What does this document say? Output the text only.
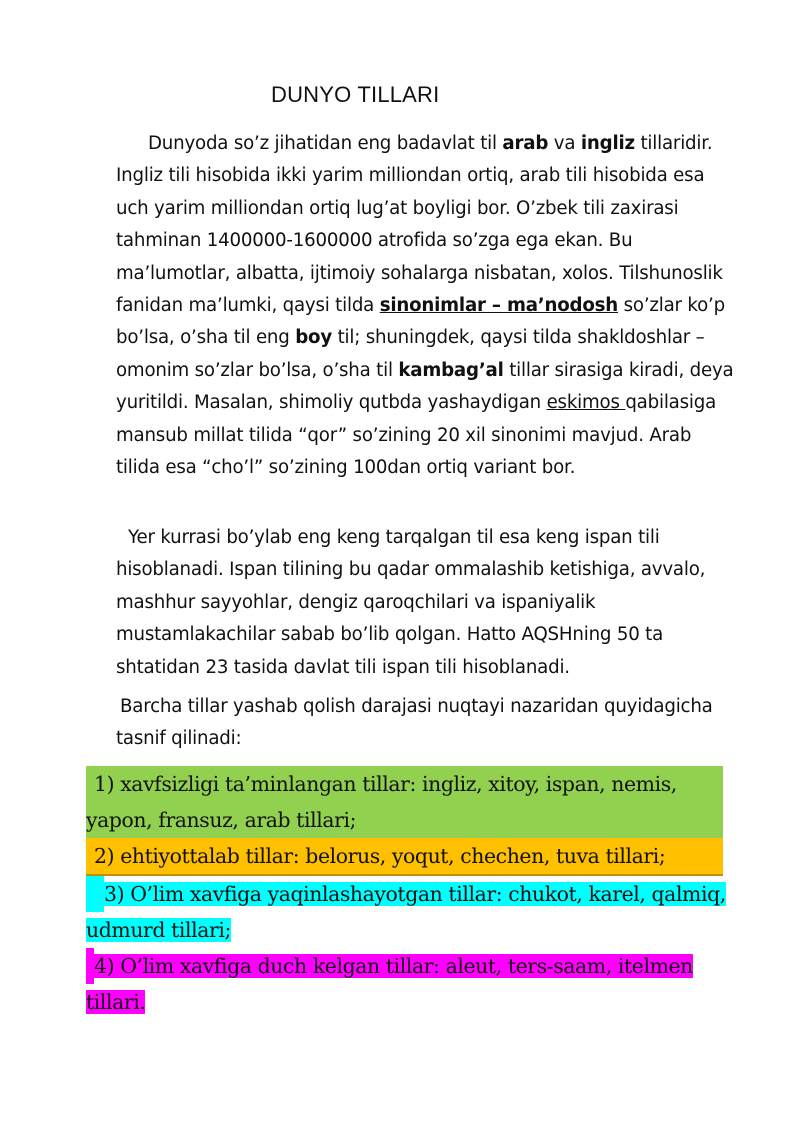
DUNYO TILLARI
Dunyoda so’z jihatidan eng badavlat til arab va ingliz tillaridir. Ingliz tili hisobida ikki yarim milliondan ortiq, arab tili hisobida esa uch yarim milliondan ortiq lug’at boyligi bor. O’zbek tili zaxirasi tahminan 1400000-1600000 atrofida so’zga ega ekan. Bu ma’lumotlar, albatta, ijtimoiy sohalarga nisbatan, xolos. Tilshunoslik fanidan ma’lumki, qaysi tilda sinonimlar – ma’nodosh so’zlar ko’p bo’lsa, o’sha til eng boy til; shuningdek, qaysi tilda shakldoshlar – omonim so’zlar bo’lsa, o’sha til kambag’al tillar sirasiga kiradi, deya yuritildi. Masalan, shimoliy qutbda yashaydigan eskimos qabilasiga mansub millat tilida “qor” so’zining 20 xil sinonimi mavjud. Arab tilida esa “cho’l” so’zining 100dan ortiq variant bor.
Yer kurrasi bo’ylab eng keng tarqalgan til esa keng ispan tili hisoblanadi. Ispan tilining bu qadar ommalashib ketishiga, avvalo, mashhur sayyohlar, dengiz qaroqchilari va ispaniyalik mustamlakachilar sabab bo’lib qolgan. Hatto AQSHning 50 ta shtatidan 23 tasida davlat tili ispan tili hisoblanadi.
Barcha tillar yashab qolish darajasi nuqtayi nazaridan quyidagicha tasnif qilinadi:

1) xavfsizligi ta’minlangan tillar: ingliz, xitoy, ispan, nemis, yapon, fransuz, arab tillari;

2) ehtiyottalab tillar: belorus, yoqut, chechen, tuva tillari;

3) O’lim xavfiga yaqinlashayotgan tillar: chukot, karel, qalmiq, udmurd tillari;

4) O’lim xavfiga duch kelgan tillar: aleut, ters-saam, itelmen tillari.
